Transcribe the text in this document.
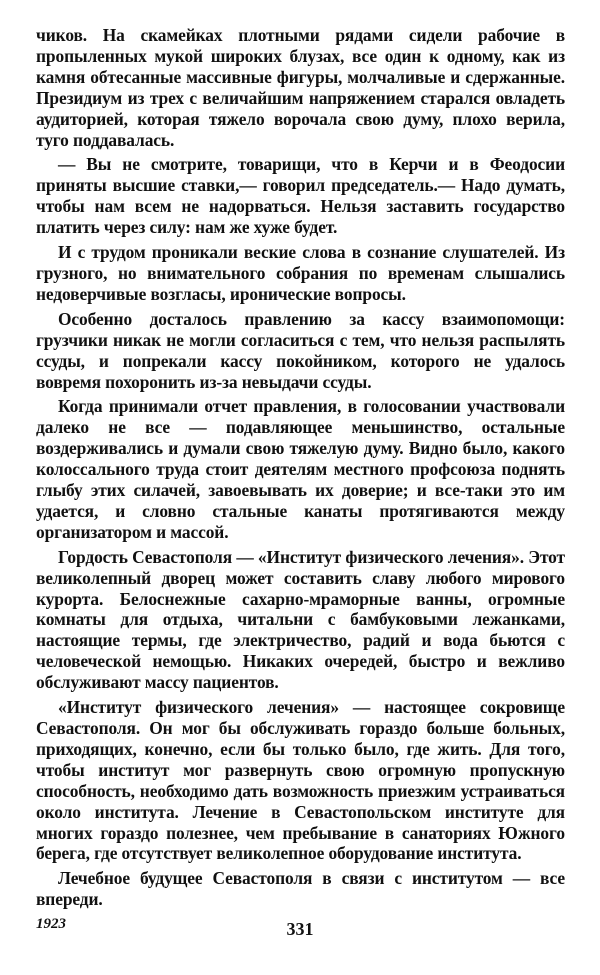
чиков. На скамейках плотными рядами сидели рабочие в пропыленных мукой широких блузах, все один к одному, как из камня обтесанные массивные фигуры, молчаливые и сдержанные. Президиум из трех с величайшим напряжением старался овладеть аудиторией, которая тяжело ворочала свою думу, плохо верила, туго поддавалась.

— Вы не смотрите, товарищи, что в Керчи и в Феодосии приняты высшие ставки,— говорил председатель.— Надо думать, чтобы нам всем не надорваться. Нельзя заставить государство платить через силу: нам же хуже будет.

И с трудом проникали веские слова в сознание слушателей. Из грузного, но внимательного собрания по временам слышались недоверчивые возгласы, иронические вопросы.

Особенно досталось правлению за кассу взаимопомощи: грузчики никак не могли согласиться с тем, что нельзя распылять ссуды, и попрекали кассу покойником, которого не удалось вовремя похоронить из-за невыдачи ссуды.

Когда принимали отчет правления, в голосовании участвовали далеко не все — подавляющее меньшинство, остальные воздерживались и думали свою тяжелую думу. Видно было, какого колоссального труда стоит деятелям местного профсоюза поднять глыбу этих силачей, завоевывать их доверие; и все-таки это им удается, и словно стальные канаты протягиваются между организатором и массой.

Гордость Севастополя — «Институт физического лечения». Этот великолепный дворец может составить славу любого мирового курорта. Белоснежные сахарно-мраморные ванны, огромные комнаты для отдыха, читальни с бамбуковыми лежанками, настоящие термы, где электричество, радий и вода бьются с человеческой немощью. Никаких очередей, быстро и вежливо обслуживают массу пациентов.

«Институт физического лечения» — настоящее сокровище Севастополя. Он мог бы обслуживать гораздо больше больных, приходящих, конечно, если бы только было, где жить. Для того, чтобы институт мог развернуть свою огромную пропускную способность, необходимо дать возможность приезжим устраиваться около института. Лечение в Севастопольском институте для многих гораздо полезнее, чем пребывание в санаториях Южного берега, где отсутствует великолепное оборудование института.

Лечебное будущее Севастополя в связи с институтом — все впереди.

1923	331
